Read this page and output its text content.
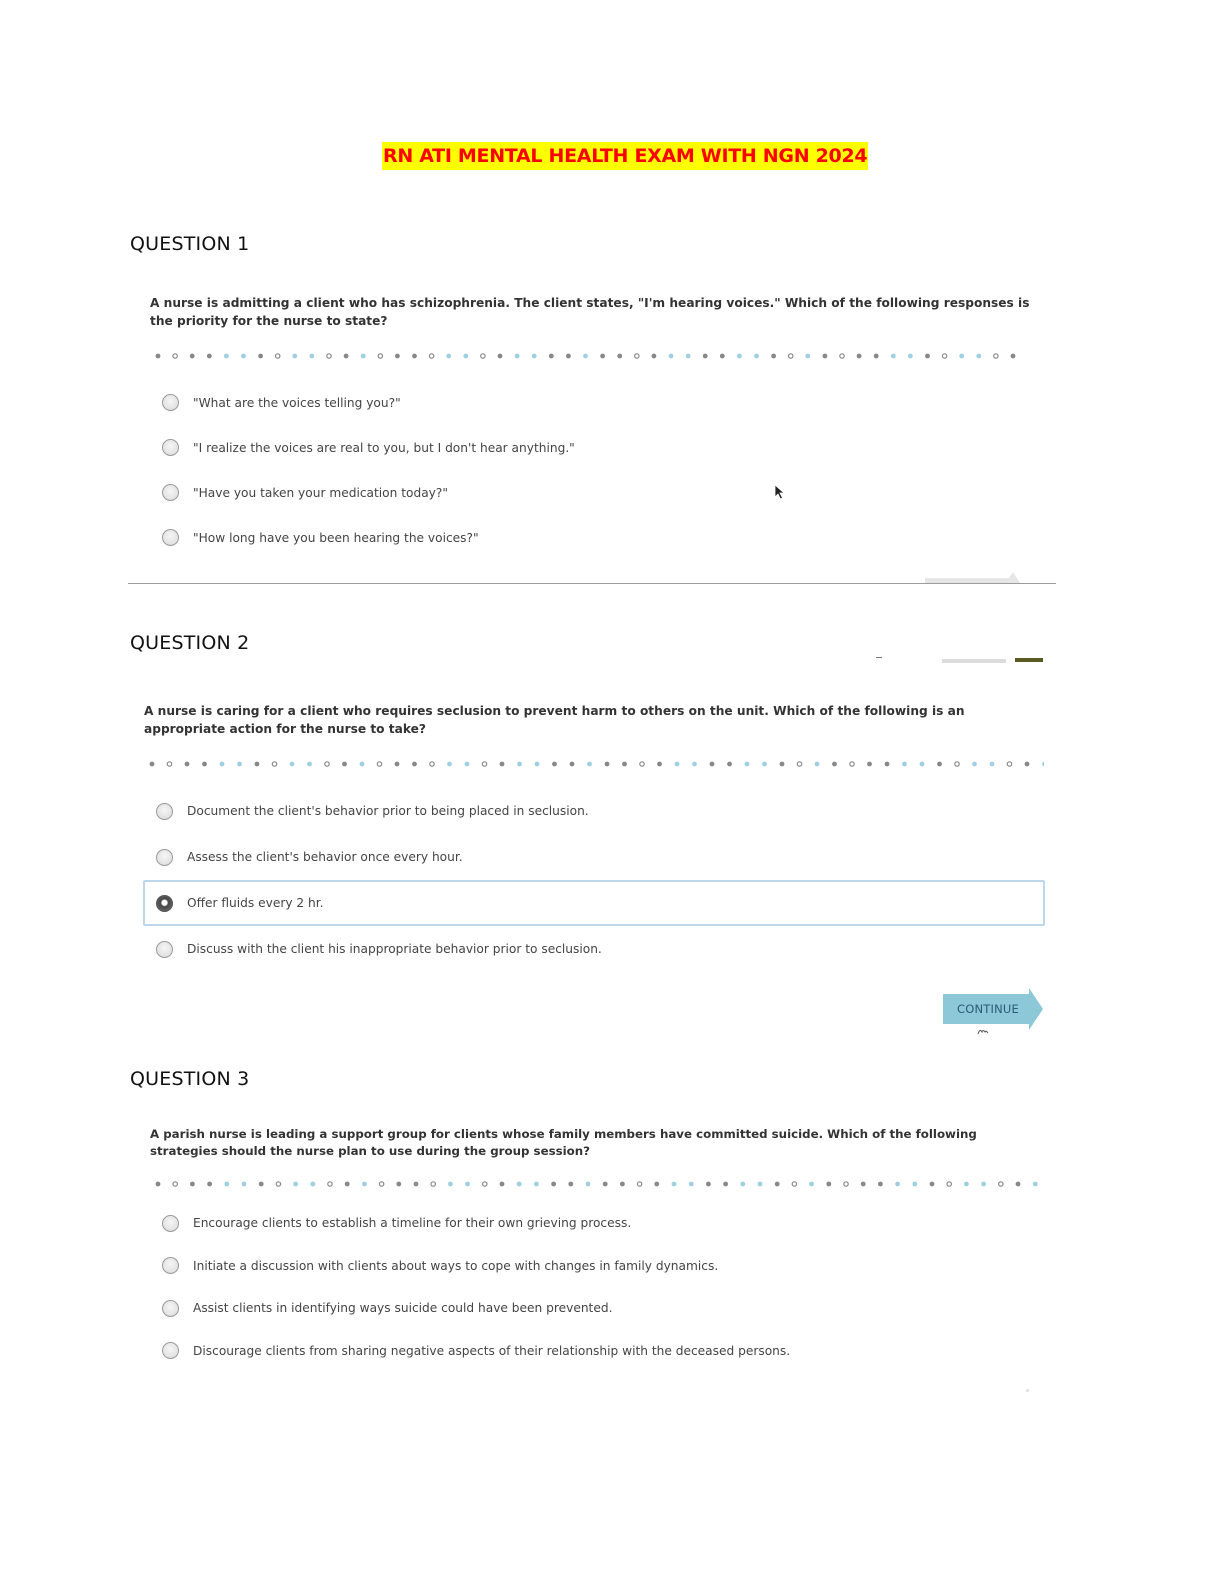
RN ATI MENTAL HEALTH EXAM WITH NGN 2024
QUESTION 1
A nurse is admitting a client who has schizophrenia. The client states, "I'm hearing voices." Which of the following responses is the priority for the nurse to state?
"What are the voices telling you?"
"I realize the voices are real to you, but I don't hear anything."
"Have you taken your medication today?"
"How long have you been hearing the voices?"
QUESTION 2
A nurse is caring for a client who requires seclusion to prevent harm to others on the unit. Which of the following is an appropriate action for the nurse to take?
Document the client's behavior prior to being placed in seclusion.
Assess the client's behavior once every hour.
Offer fluids every 2 hr.
Discuss with the client his inappropriate behavior prior to seclusion.
CONTINUE
QUESTION 3
A parish nurse is leading a support group for clients whose family members have committed suicide. Which of the following strategies should the nurse plan to use during the group session?
Encourage clients to establish a timeline for their own grieving process.
Initiate a discussion with clients about ways to cope with changes in family dynamics.
Assist clients in identifying ways suicide could have been prevented.
Discourage clients from sharing negative aspects of their relationship with the deceased persons.
